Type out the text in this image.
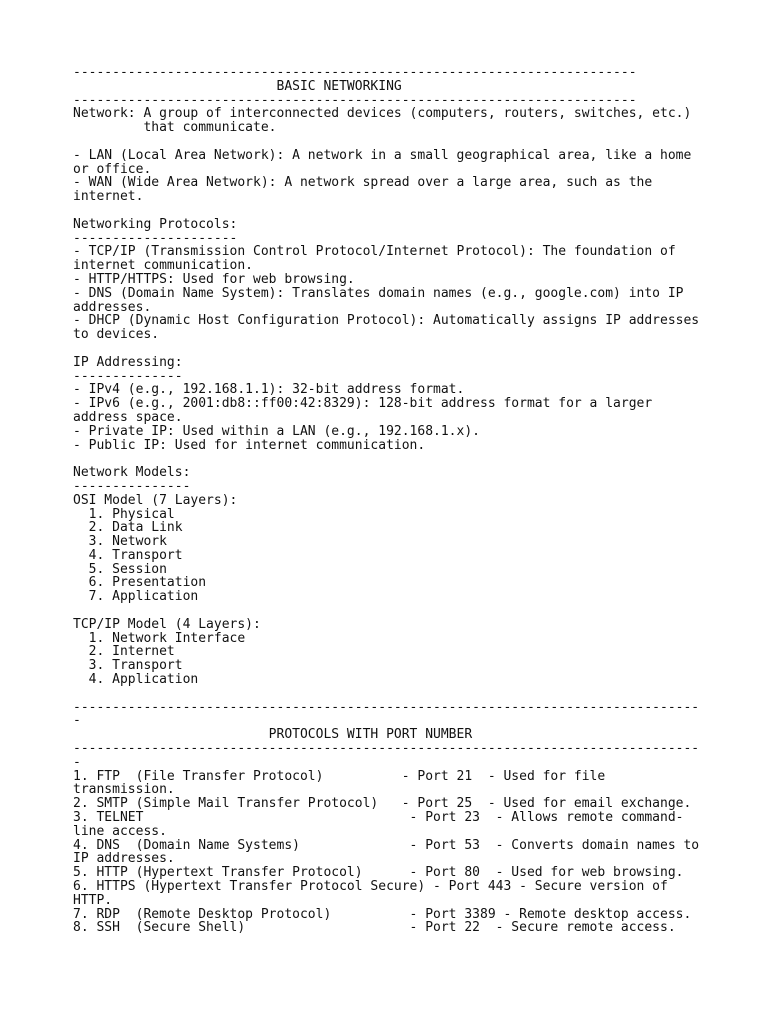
------------------------------------------------------------------------
BASIC NETWORKING
------------------------------------------------------------------------
Network: A group of interconnected devices (computers, routers, switches, etc.)
that communicate.
- LAN (Local Area Network): A network in a small geographical area, like a home
or office.
- WAN (Wide Area Network): A network spread over a large area, such as the
internet.
Networking Protocols:
---------------------
- TCP/IP (Transmission Control Protocol/Internet Protocol): The foundation of
internet communication.
- HTTP/HTTPS: Used for web browsing.
- DNS (Domain Name System): Translates domain names (e.g., google.com) into IP
addresses.
- DHCP (Dynamic Host Configuration Protocol): Automatically assigns IP addresses
to devices.
IP Addressing:
--------------
- IPv4 (e.g., 192.168.1.1): 32-bit address format.
- IPv6 (e.g., 2001:db8::ff00:42:8329): 128-bit address format for a larger
address space.
- Private IP: Used within a LAN (e.g., 192.168.1.x).
- Public IP: Used for internet communication.
Network Models:
---------------
OSI Model (7 Layers):
1. Physical
2. Data Link
3. Network
4. Transport
5. Session
6. Presentation
7. Application
TCP/IP Model (4 Layers):
1. Network Interface
2. Internet
3. Transport
4. Application
--------------------------------------------------------------------------------
-
PROTOCOLS WITH PORT NUMBER
--------------------------------------------------------------------------------
-
1. FTP  (File Transfer Protocol)          - Port 21  - Used for file
transmission.
2. SMTP (Simple Mail Transfer Protocol)   - Port 25  - Used for email exchange.
3. TELNET                                  - Port 23  - Allows remote command-
line access.
4. DNS  (Domain Name Systems)              - Port 53  - Converts domain names to
IP addresses.
5. HTTP (Hypertext Transfer Protocol)      - Port 80  - Used for web browsing.
6. HTTPS (Hypertext Transfer Protocol Secure) - Port 443 - Secure version of
HTTP.
7. RDP  (Remote Desktop Protocol)          - Port 3389 - Remote desktop access.
8. SSH  (Secure Shell)                     - Port 22  - Secure remote access.
